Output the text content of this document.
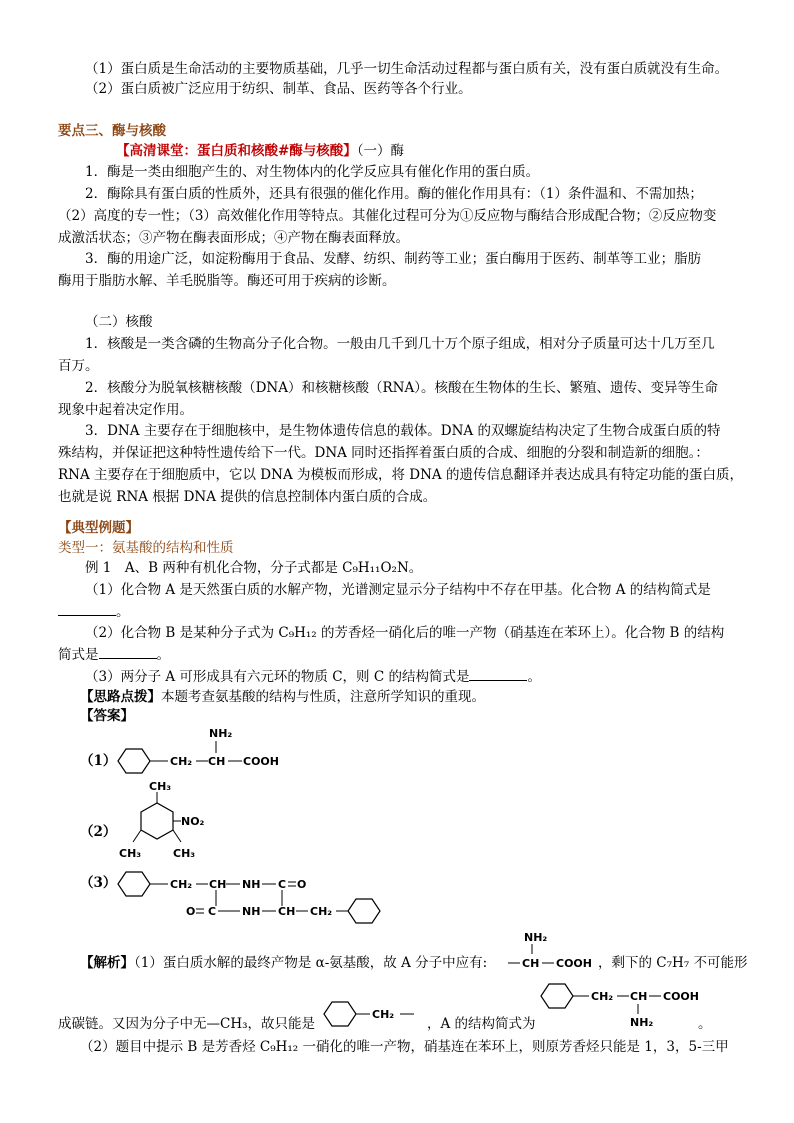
（1）蛋白质是生命活动的主要物质基础，几乎一切生命活动过程都与蛋白质有关，没有蛋白质就没有生命。
（2）蛋白质被广泛应用于纺织、制革、食品、医药等各个行业。
要点三、酶与核酸
【高清课堂：蛋白质和核酸#酶与核酸】（一）酶
1．酶是一类由细胞产生的、对生物体内的化学反应具有催化作用的蛋白质。
2．酶除具有蛋白质的性质外，还具有很强的催化作用。酶的催化作用具有：（1）条件温和、不需加热；
（2）高度的专一性；（3）高效催化作用等特点。其催化过程可分为①反应物与酶结合形成配合物；②反应物变
成激活状态；③产物在酶表面形成；④产物在酶表面释放。
3．酶的用途广泛，如淀粉酶用于食品、发酵、纺织、制药等工业；蛋白酶用于医药、制革等工业；脂肪
酶用于脂肪水解、羊毛脱脂等。酶还可用于疾病的诊断。
（二）核酸
1．核酸是一类含磷的生物高分子化合物。一般由几千到几十万个原子组成，相对分子质量可达十几万至几
百万。
2．核酸分为脱氧核糖核酸（DNA）和核糖核酸（RNA）。核酸在生物体的生长、繁殖、遗传、变异等生命
现象中起着决定作用。
3．DNA 主要存在于细胞核中，是生物体遗传信息的载体。DNA 的双螺旋结构决定了生物合成蛋白质的特
殊结构，并保证把这种特性遗传给下一代。DNA 同时还指挥着蛋白质的合成、细胞的分裂和制造新的细胞。：
RNA 主要存在于细胞质中，它以 DNA 为模板而形成，将 DNA 的遗传信息翻译并表达成具有特定功能的蛋白质，
也就是说 RNA 根据 DNA 提供的信息控制体内蛋白质的合成。
【典型例题】
类型一：氨基酸的结构和性质
例 1　A、B 两种有机化合物，分子式都是 C₉H₁₁O₂N。
（1）化合物 A 是天然蛋白质的水解产物，光谱测定显示分子结构中不存在甲基。化合物 A 的结构简式是
。
（2）化合物 B 是某种分子式为 C₉H₁₂ 的芳香烃一硝化后的唯一产物（硝基连在苯环上）。化合物 B 的结构
简式是	。
（3）两分子 A 可形成具有六元环的物质 C，则 C 的结构简式是	。
【思路点拨】本题考查氨基酸的结构与性质，注意所学知识的重现。
【答案】
（1）	CH₂ CH
NH₂
COOH
（2）
CH₃
NO₂
CH₃	CH₃
（3）	CH₂ CH NH C O
O C NH CH CH₂
【解析】（1）蛋白质水解的最终产物是 α-氨基酸，故 A 分子中应有:
NH₂
CH COOH ，剩下的 C₇H₇ 不可能形
成碳链。又因为分子中无—CH₃，故只能是
CH₂
，A 的结构简式为
CH₂ CH COOH
NH₂	。
（2）题目中提示 B 是芳香烃 C₉H₁₂ 一硝化的唯一产物，硝基连在苯环上，则原芳香烃只能是 1，3，5-三甲
